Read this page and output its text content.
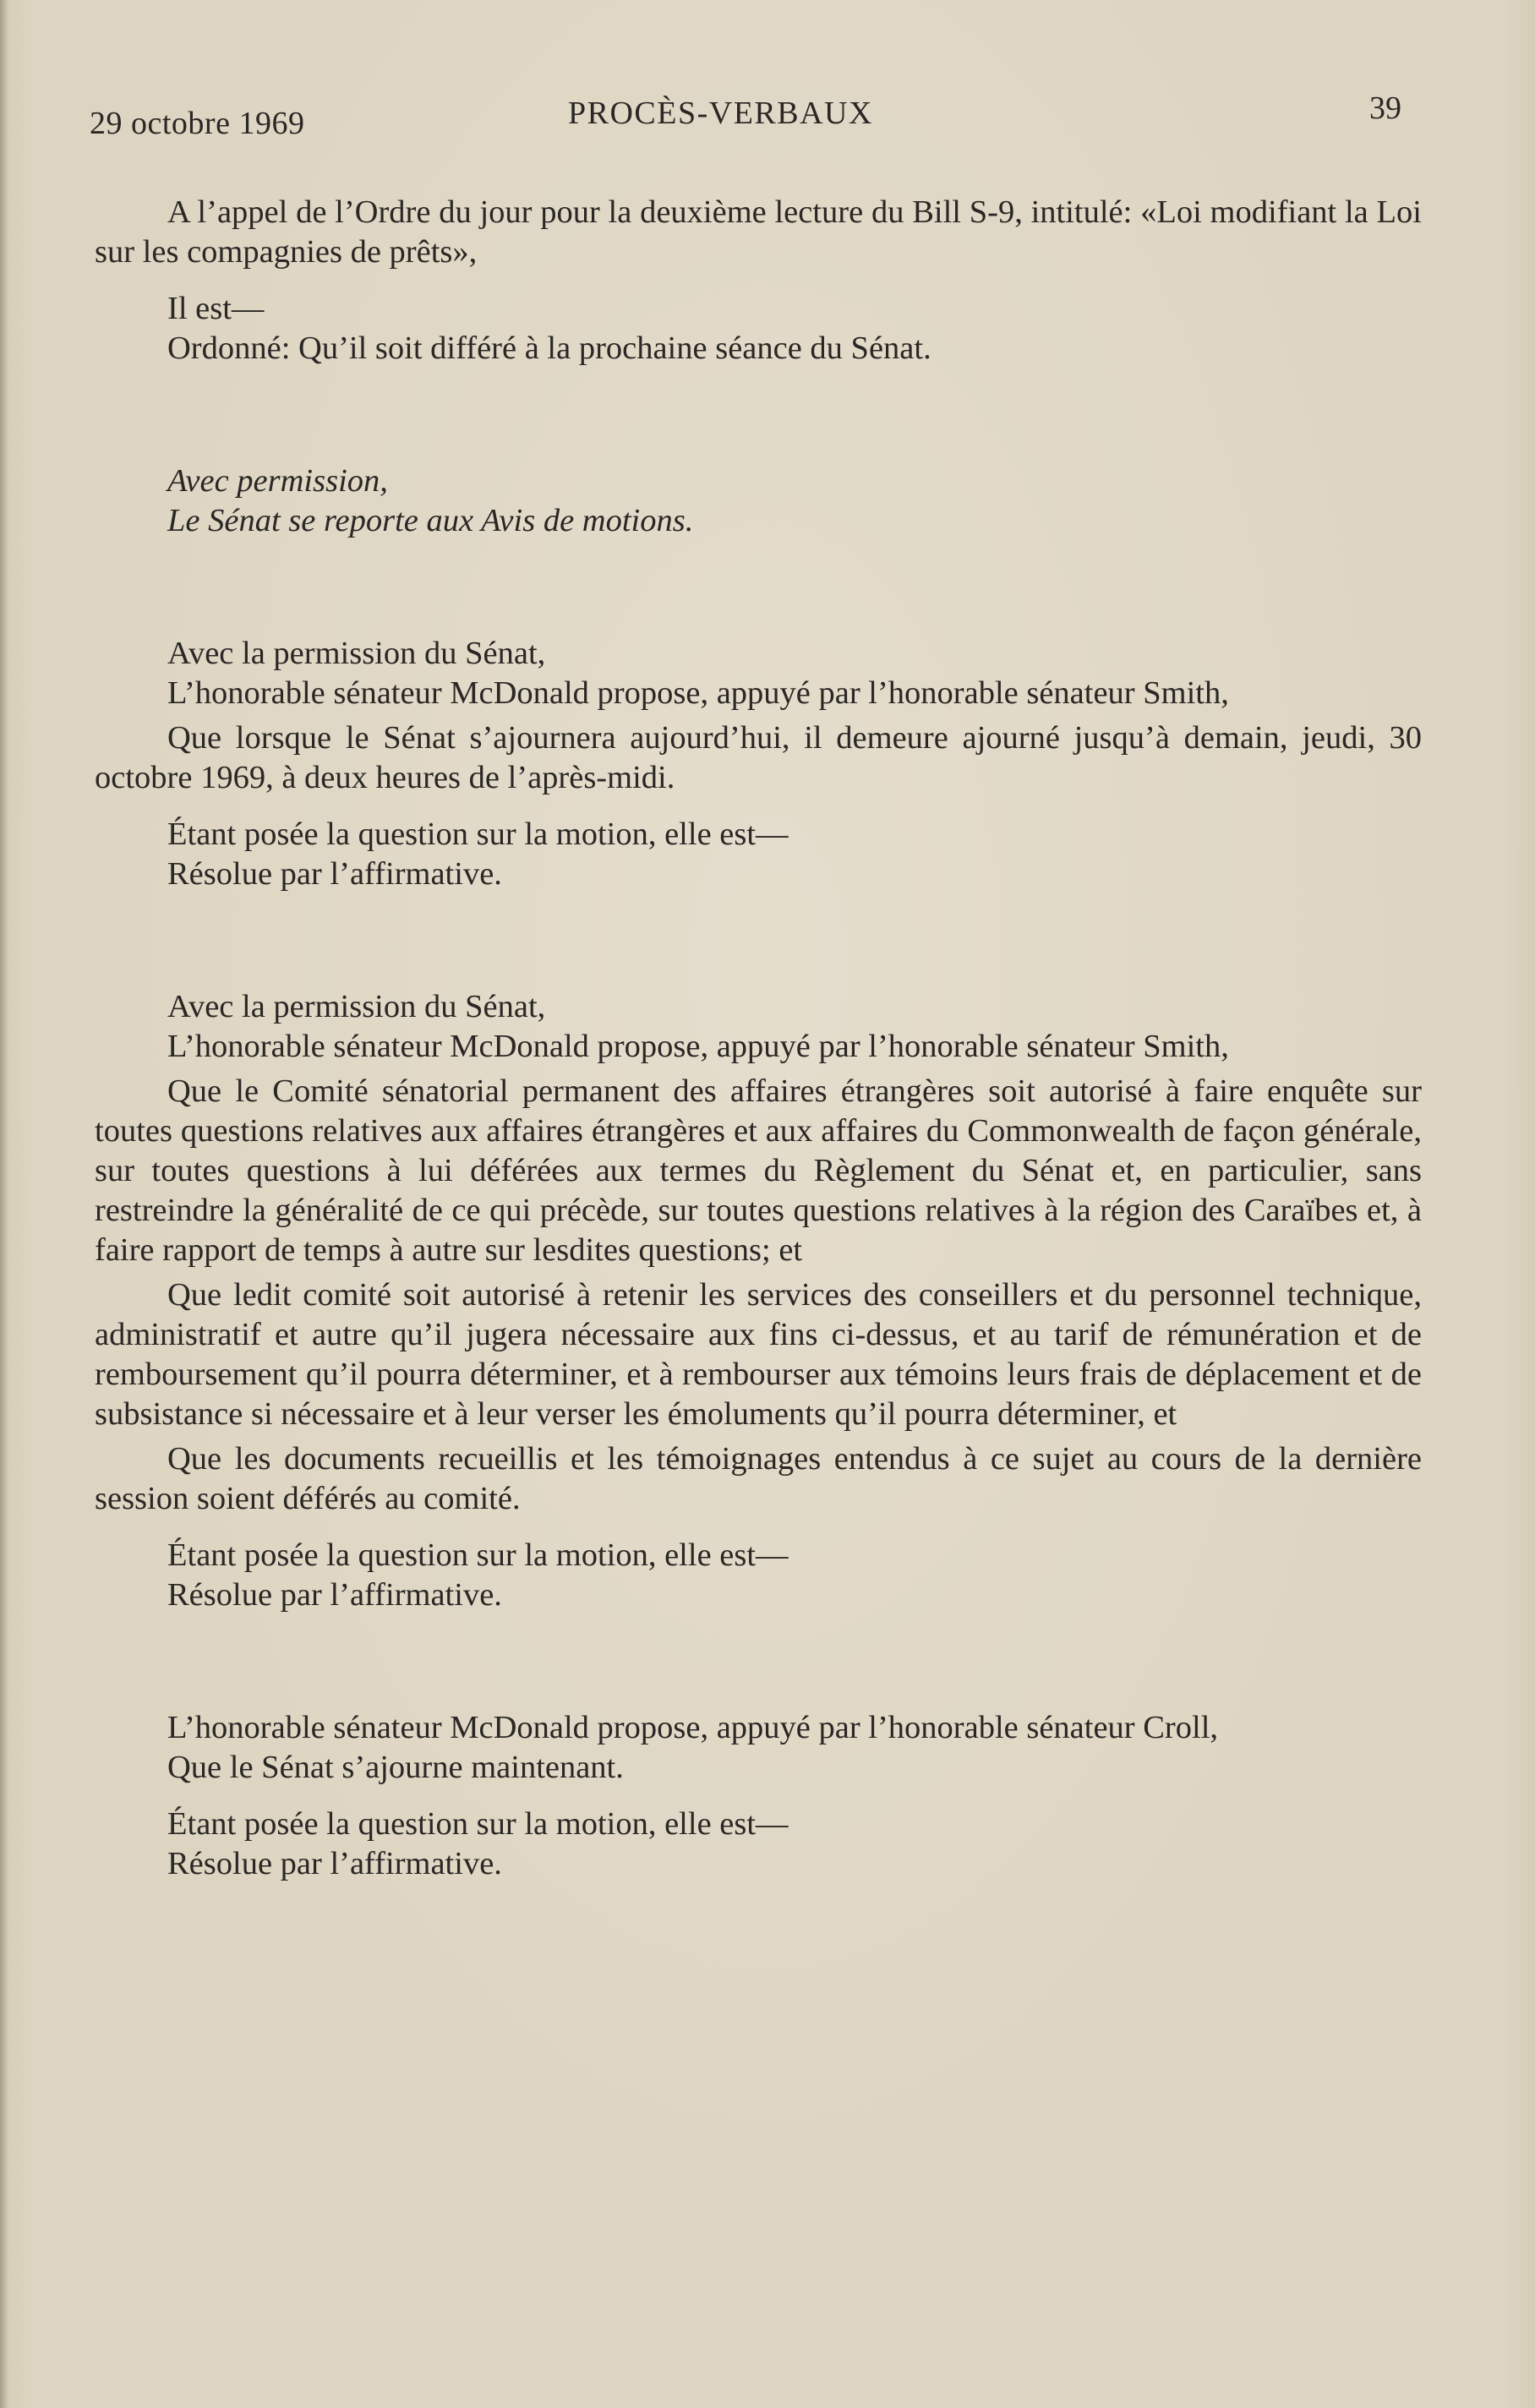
29 octobre 1969	PROCÈS-VERBAUX	39

A l’appel de l’Ordre du jour pour la deuxième lecture du Bill S-9, intitulé: «Loi modifiant la Loi sur les compagnies de prêts»,

Il est—

Ordonné: Qu’il soit différé à la prochaine séance du Sénat.

Avec permission,

Le Sénat se reporte aux Avis de motions.

Avec la permission du Sénat,

L’honorable sénateur McDonald propose, appuyé par l’honorable sénateur Smith,

Que lorsque le Sénat s’ajournera aujourd’hui, il demeure ajourné jusqu’à demain, jeudi, 30 octobre 1969, à deux heures de l’après-midi.

Étant posée la question sur la motion, elle est—

Résolue par l’affirmative.

Avec la permission du Sénat,

L’honorable sénateur McDonald propose, appuyé par l’honorable sénateur Smith,

Que le Comité sénatorial permanent des affaires étrangères soit autorisé à faire enquête sur toutes questions relatives aux affaires étrangères et aux affaires du Commonwealth de façon générale, sur toutes questions à lui déférées aux termes du Règlement du Sénat et, en particulier, sans restreindre la généralité de ce qui précède, sur toutes questions relatives à la région des Caraïbes et, à faire rapport de temps à autre sur lesdites questions; et

Que ledit comité soit autorisé à retenir les services des conseillers et du personnel technique, administratif et autre qu’il jugera nécessaire aux fins ci-dessus, et au tarif de rémunération et de remboursement qu’il pourra déterminer, et à rembourser aux témoins leurs frais de déplacement et de subsistance si nécessaire et à leur verser les émoluments qu’il pourra déterminer, et

Que les documents recueillis et les témoignages entendus à ce sujet au cours de la dernière session soient déférés au comité.

Étant posée la question sur la motion, elle est—

Résolue par l’affirmative.

L’honorable sénateur McDonald propose, appuyé par l’honorable sénateur Croll,

Que le Sénat s’ajourne maintenant.

Étant posée la question sur la motion, elle est—

Résolue par l’affirmative.
